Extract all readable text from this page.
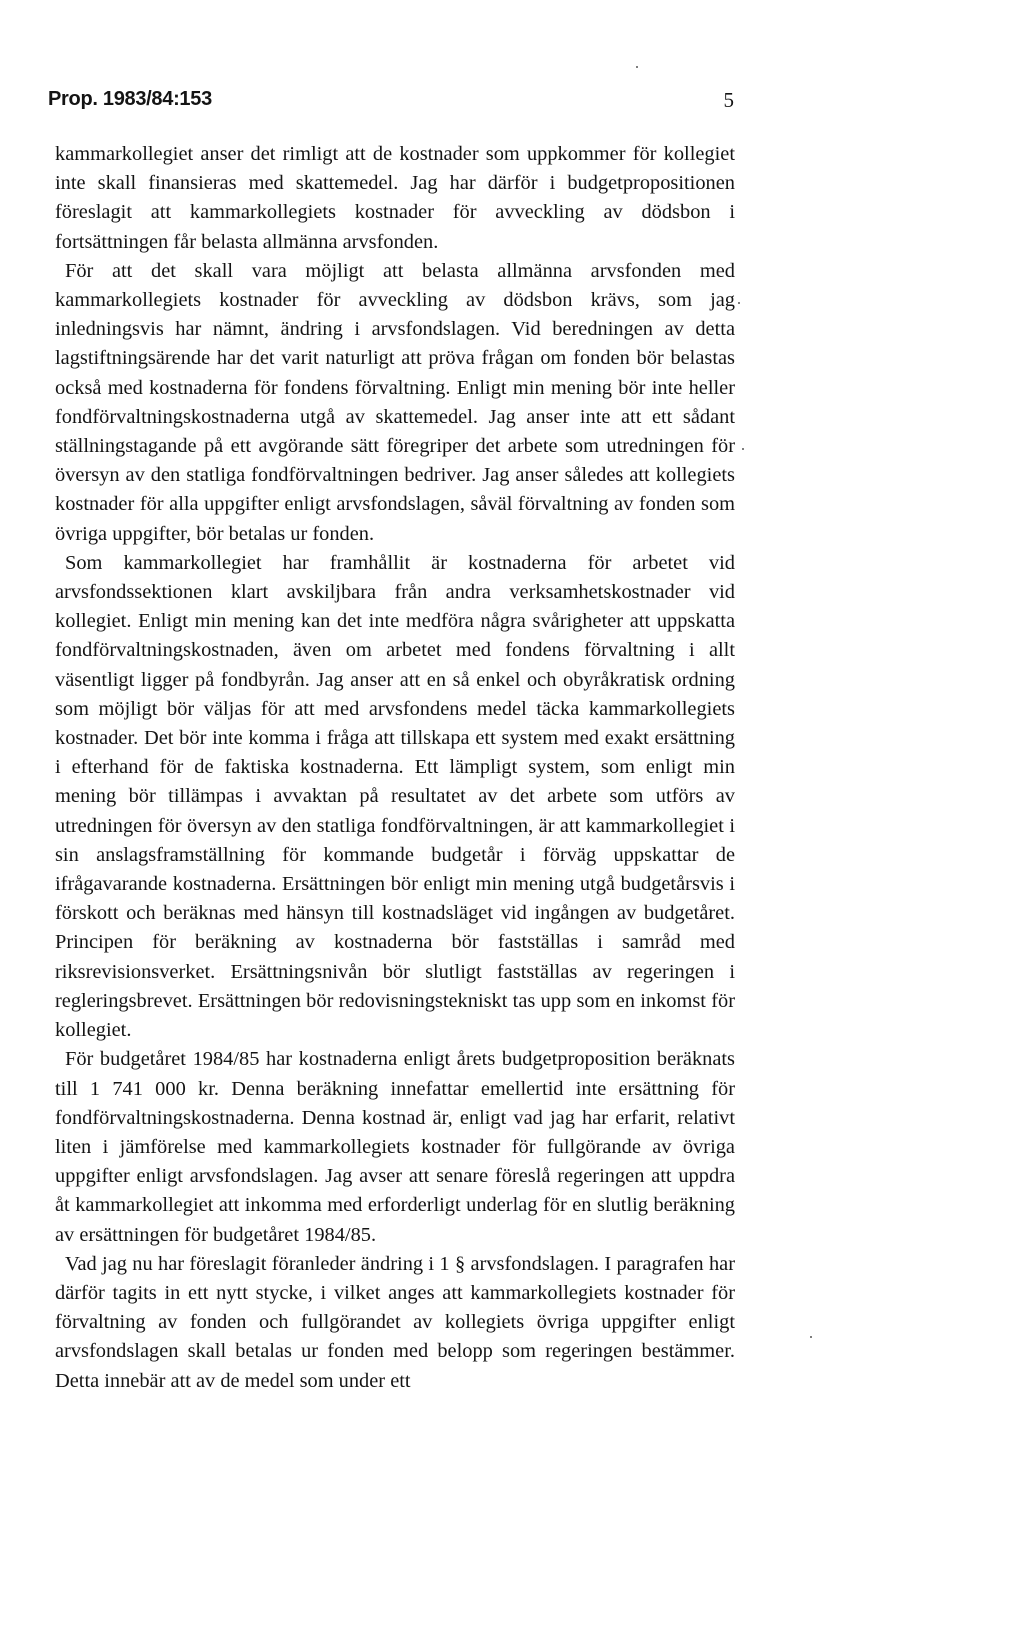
Prop. 1983/84:153	5

kammarkollegiet anser det rimligt att de kostnader som uppkommer för kollegiet inte skall finansieras med skattemedel. Jag har därför i budgetpropositionen föreslagit att kammarkollegiets kostnader för avveckling av dödsbon i fortsättningen får belasta allmänna arvsfonden.

För att det skall vara möjligt att belasta allmänna arvsfonden med kammarkollegiets kostnader för avveckling av dödsbon krävs, som jag inledningsvis har nämnt, ändring i arvsfondslagen. Vid beredningen av detta lagstiftningsärende har det varit naturligt att pröva frågan om fonden bör belastas också med kostnaderna för fondens förvaltning. Enligt min mening bör inte heller fondförvaltningskostnaderna utgå av skattemedel. Jag anser inte att ett sådant ställningstagande på ett avgörande sätt föregriper det arbete som utredningen för översyn av den statliga fondförvaltningen bedriver. Jag anser således att kollegiets kostnader för alla uppgifter enligt arvsfondslagen, såväl förvaltning av fonden som övriga uppgifter, bör betalas ur fonden.

Som kammarkollegiet har framhållit är kostnaderna för arbetet vid arvsfondssektionen klart avskiljbara från andra verksamhetskostnader vid kollegiet. Enligt min mening kan det inte medföra några svårigheter att uppskatta fondförvaltningskostnaden, även om arbetet med fondens förvaltning i allt väsentligt ligger på fondbyrån. Jag anser att en så enkel och obyråkratisk ordning som möjligt bör väljas för att med arvsfondens medel täcka kammarkollegiets kostnader. Det bör inte komma i fråga att tillskapa ett system med exakt ersättning i efterhand för de faktiska kostnaderna. Ett lämpligt system, som enligt min mening bör tillämpas i avvaktan på resultatet av det arbete som utförs av utredningen för översyn av den statliga fondförvaltningen, är att kammarkollegiet i sin anslagsframställning för kommande budgetår i förväg uppskattar de ifrågavarande kostnaderna. Ersättningen bör enligt min mening utgå budgetårsvis i förskott och beräknas med hänsyn till kostnadsläget vid ingången av budgetåret. Principen för beräkning av kostnaderna bör fastställas i samråd med riksrevisionsverket. Ersättningsnivån bör slutligt fastställas av regeringen i regleringsbrevet. Ersättningen bör redovisningstekniskt tas upp som en inkomst för kollegiet.

För budgetåret 1984/85 har kostnaderna enligt årets budgetproposition beräknats till 1 741 000 kr. Denna beräkning innefattar emellertid inte ersättning för fondförvaltningskostnaderna. Denna kostnad är, enligt vad jag har erfarit, relativt liten i jämförelse med kammarkollegiets kostnader för fullgörande av övriga uppgifter enligt arvsfondslagen. Jag avser att senare föreslå regeringen att uppdra åt kammarkollegiet att inkomma med erforderligt underlag för en slutlig beräkning av ersättningen för budgetåret 1984/85.

Vad jag nu har föreslagit föranleder ändring i 1 § arvsfondslagen. I paragrafen har därför tagits in ett nytt stycke, i vilket anges att kammarkollegiets kostnader för förvaltning av fonden och fullgörandet av kollegiets övriga uppgifter enligt arvsfondslagen skall betalas ur fonden med belopp som regeringen bestämmer. Detta innebär att av de medel som under ett
